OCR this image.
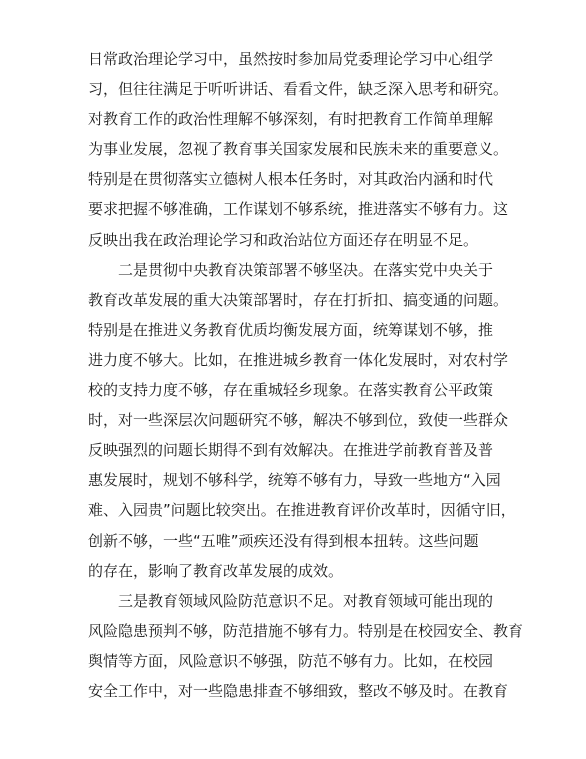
日常政治理论学习中，虽然按时参加局党委理论学习中心组学
习，但往往满足于听听讲话、看看文件，缺乏深入思考和研究。
对教育工作的政治性理解不够深刻，有时把教育工作简单理解
为事业发展，忽视了教育事关国家发展和民族未来的重要意义。
特别是在贯彻落实立德树人根本任务时，对其政治内涵和时代
要求把握不够准确，工作谋划不够系统，推进落实不够有力。这
反映出我在政治理论学习和政治站位方面还存在明显不足。

二是贯彻中央教育决策部署不够坚决。在落实党中央关于
教育改革发展的重大决策部署时，存在打折扣、搞变通的问题。
特别是在推进义务教育优质均衡发展方面，统筹谋划不够，推
进力度不够大。比如，在推进城乡教育一体化发展时，对农村学
校的支持力度不够，存在重城轻乡现象。在落实教育公平政策
时，对一些深层次问题研究不够，解决不够到位，致使一些群众
反映强烈的问题长期得不到有效解决。在推进学前教育普及普
惠发展时，规划不够科学，统筹不够有力，导致一些地方“入园
难、入园贵”问题比较突出。在推进教育评价改革时，因循守旧，
创新不够，一些“五唯”顽疾还没有得到根本扭转。这些问题
的存在，影响了教育改革发展的成效。

三是教育领域风险防范意识不足。对教育领域可能出现的
风险隐患预判不够，防范措施不够有力。特别是在校园安全、教育
舆情等方面，风险意识不够强，防范不够有力。比如，在校园
安全工作中，对一些隐患排查不够细致，整改不够及时。在教育
